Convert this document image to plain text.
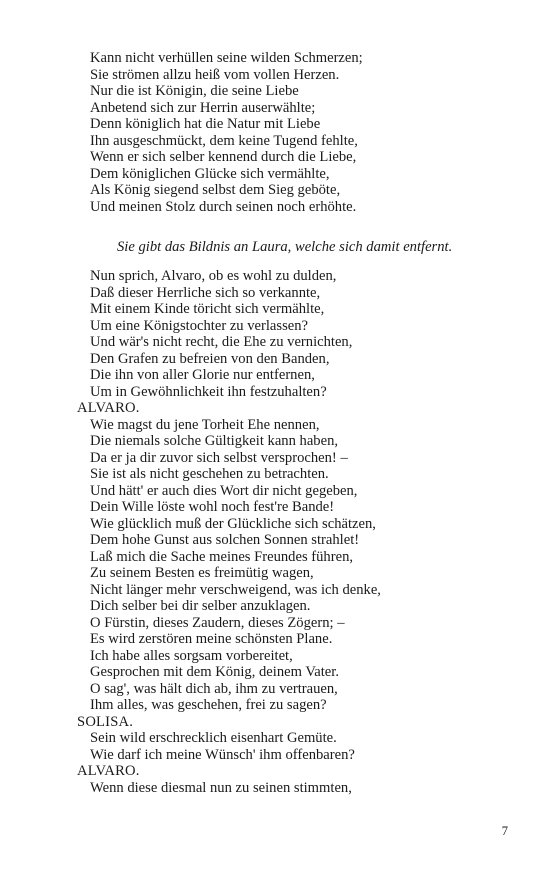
Kann nicht verhüllen seine wilden Schmerzen;
Sie strömen allzu heiß vom vollen Herzen.
Nur die ist Königin, die seine Liebe
Anbetend sich zur Herrin auserwählte;
Denn königlich hat die Natur mit Liebe
Ihn ausgeschmückt, dem keine Tugend fehlte,
Wenn er sich selber kennend durch die Liebe,
Dem königlichen Glücke sich vermählte,
Als König siegend selbst dem Sieg geböte,
Und meinen Stolz durch seinen noch erhöhte.
Sie gibt das Bildnis an Laura, welche sich damit entfernt.
Nun sprich, Alvaro, ob es wohl zu dulden,
Daß dieser Herrliche sich so verkannte,
Mit einem Kinde töricht sich vermählte,
Um eine Königstochter zu verlassen?
Und wär's nicht recht, die Ehe zu vernichten,
Den Grafen zu befreien von den Banden,
Die ihn von aller Glorie nur entfernen,
Um in Gewöhnlichkeit ihn festzuhalten?
ALVARO.
Wie magst du jene Torheit Ehe nennen,
Die niemals solche Gültigkeit kann haben,
Da er ja dir zuvor sich selbst versprochen! –
Sie ist als nicht geschehen zu betrachten.
Und hätt' er auch dies Wort dir nicht gegeben,
Dein Wille löste wohl noch fest're Bande!
Wie glücklich muß der Glückliche sich schätzen,
Dem hohe Gunst aus solchen Sonnen strahlet!
Laß mich die Sache meines Freundes führen,
Zu seinem Besten es freimütig wagen,
Nicht länger mehr verschweigend, was ich denke,
Dich selber bei dir selber anzuklagen.
O Fürstin, dieses Zaudern, dieses Zögern; –
Es wird zerstören meine schönsten Plane.
Ich habe alles sorgsam vorbereitet,
Gesprochen mit dem König, deinem Vater.
O sag', was hält dich ab, ihm zu vertrauen,
Ihm alles, was geschehen, frei zu sagen?
SOLISA.
Sein wild erschrecklich eisenhart Gemüte.
Wie darf ich meine Wünsch' ihm offenbaren?
ALVARO.
Wenn diese diesmal nun zu seinen stimmten,
7
